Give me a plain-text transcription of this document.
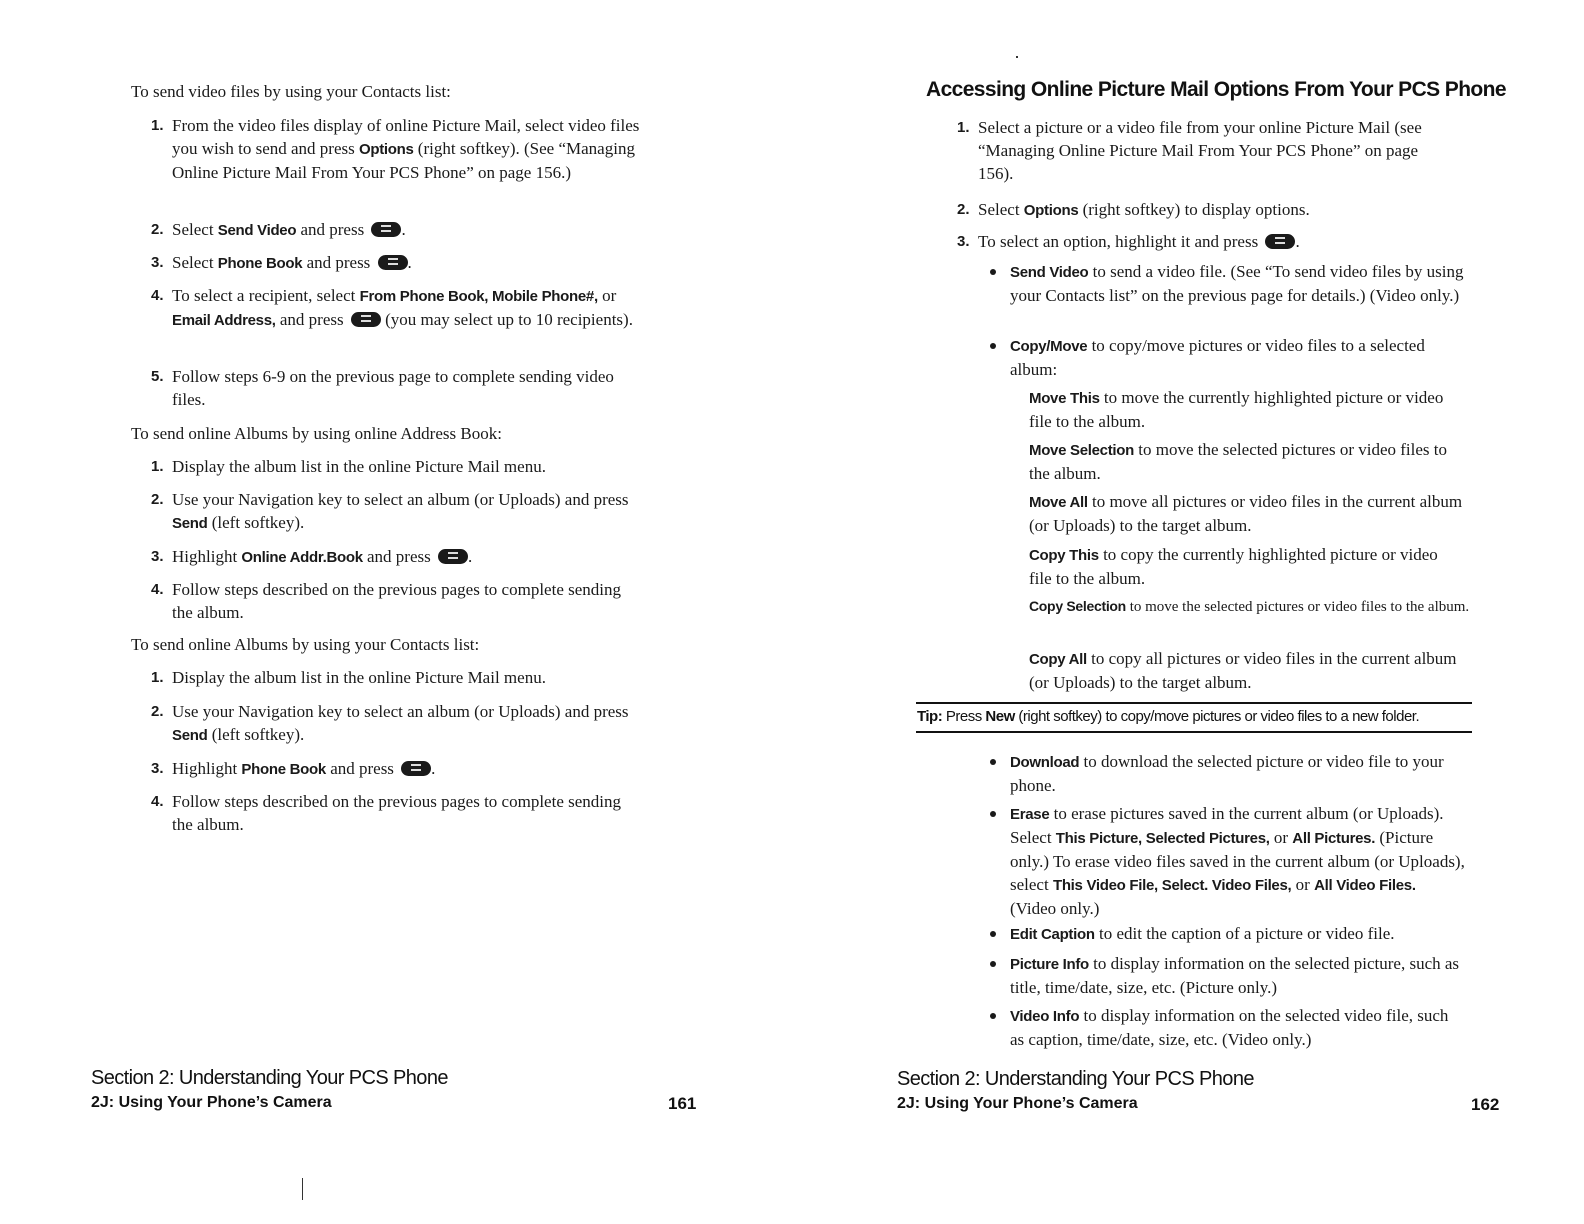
To send video files by using your Contacts list:
1. From the video files display of online Picture Mail, select video files you wish to send and press Options (right softkey). (See “Managing Online Picture Mail From Your PCS Phone” on page 156.)
2. Select Send Video and press .
3. Select Phone Book and press .
4. To select a recipient, select From Phone Book, Mobile Phone#, or Email Address, and press  (you may select up to 10 recipients).
5. Follow steps 6-9 on the previous page to complete sending video files.
To send online Albums by using online Address Book:
1. Display the album list in the online Picture Mail menu.
2. Use your Navigation key to select an album (or Uploads) and press Send (left softkey).
3. Highlight Online Addr.Book and press .
4. Follow steps described on the previous pages to complete sending the album.
To send online Albums by using your Contacts list:
1. Display the album list in the online Picture Mail menu.
2. Use your Navigation key to select an album (or Uploads) and press Send (left softkey).
3. Highlight Phone Book and press .
4. Follow steps described on the previous pages to complete sending the album.
Section 2: Understanding Your PCS Phone
2J: Using Your Phone’s Camera	161
Accessing Online Picture Mail Options From Your PCS Phone
1. Select a picture or a video file from your online Picture Mail (see “Managing Online Picture Mail From Your PCS Phone” on page 156).
2. Select Options (right softkey) to display options.
3. To select an option, highlight it and press .
Send Video to send a video file. (See “To send video files by using your Contacts list” on the previous page for details.) (Video only.)
Copy/Move to copy/move pictures or video files to a selected album:
Move This to move the currently highlighted picture or video file to the album.
Move Selection to move the selected pictures or video files to the album.
Move All to move all pictures or video files in the current album (or Uploads) to the target album.
Copy This to copy the currently highlighted picture or video file to the album.
Copy Selection to move the selected pictures or video files to the album.
Copy All to copy all pictures or video files in the current album (or Uploads) to the target album.
Tip: Press New (right softkey) to copy/move pictures or video files to a new folder.
Download to download the selected picture or video file to your phone.
Erase to erase pictures saved in the current album (or Uploads). Select This Picture, Selected Pictures, or All Pictures. (Picture only.) To erase video files saved in the current album (or Uploads), select This Video File, Select. Video Files, or All Video Files. (Video only.)
Edit Caption to edit the caption of a picture or video file.
Picture Info to display information on the selected picture, such as title, time/date, size, etc. (Picture only.)
Video Info to display information on the selected video file, such as caption, time/date, size, etc. (Video only.)
Section 2: Understanding Your PCS Phone
2J: Using Your Phone’s Camera	162
